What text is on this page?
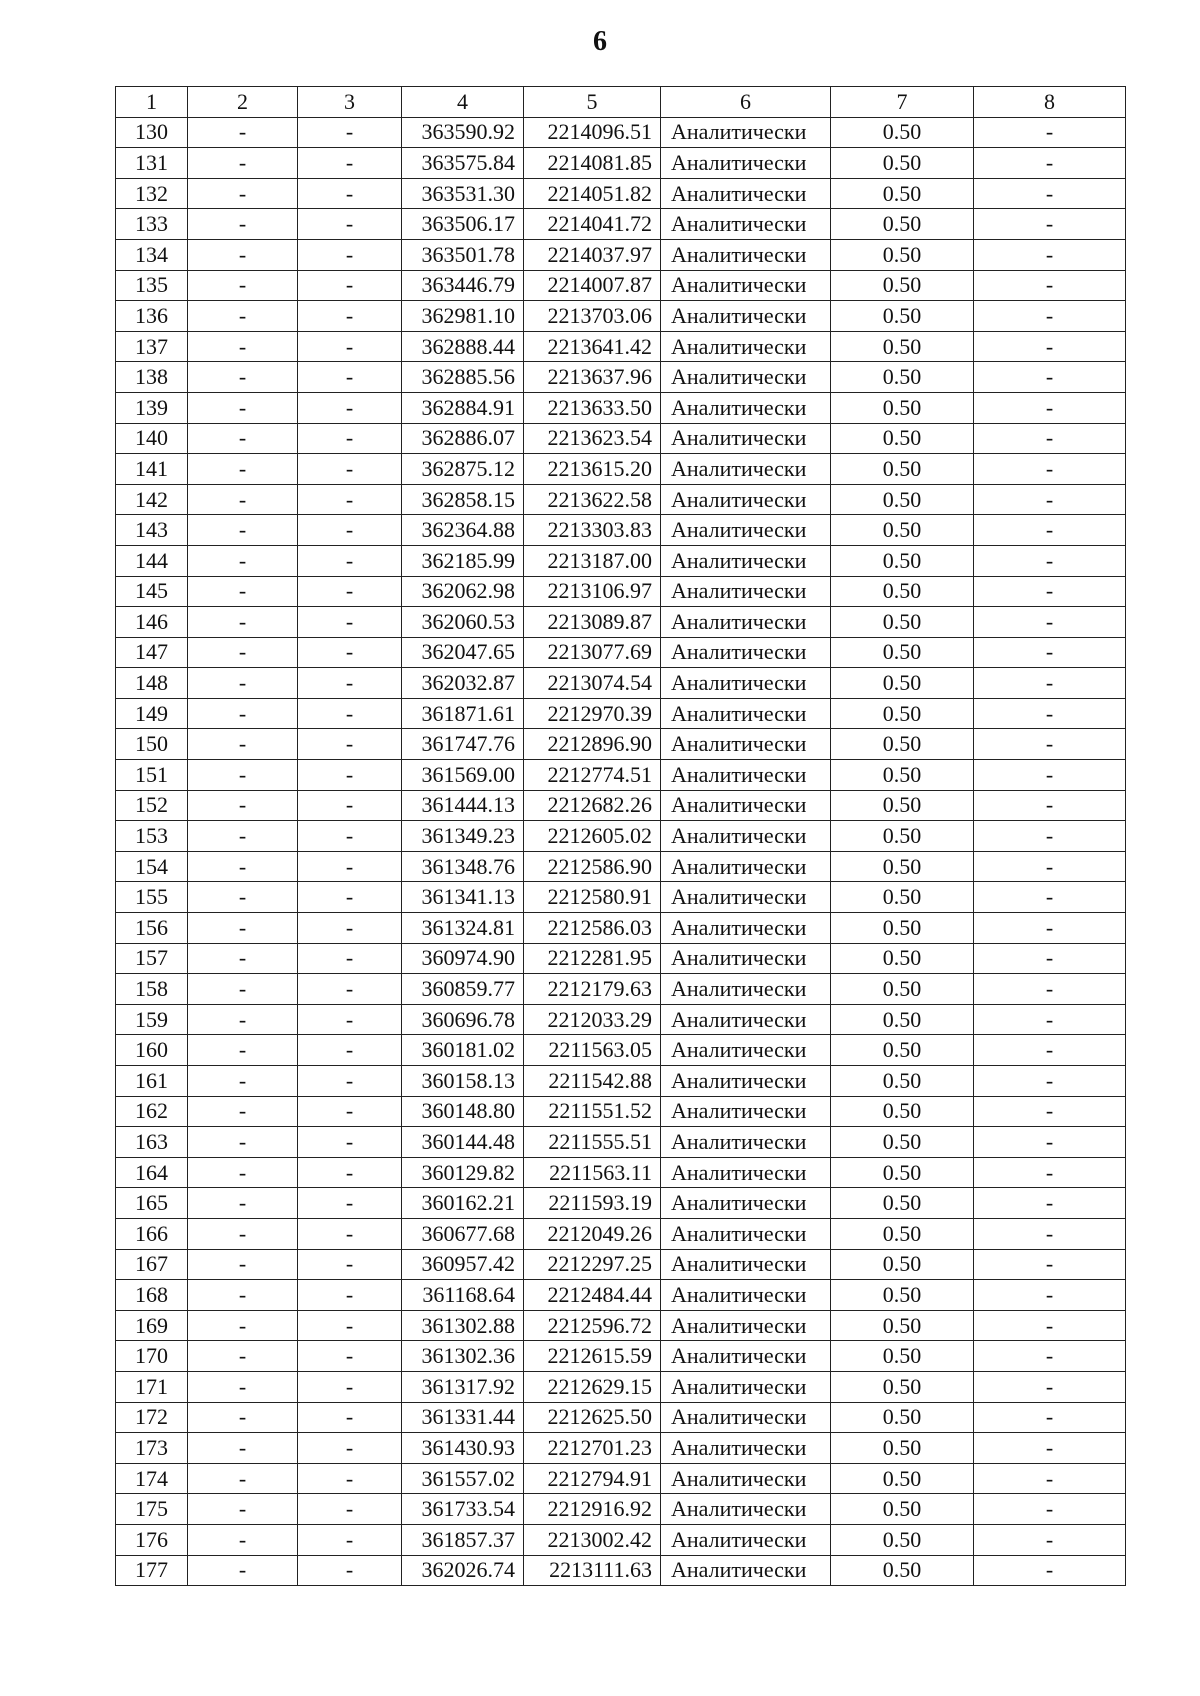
6
1	2	3	4	5	6	7	8
130	-	-	363590.92	2214096.51	Аналитически	0.50	-
131	-	-	363575.84	2214081.85	Аналитически	0.50	-
132	-	-	363531.30	2214051.82	Аналитически	0.50	-
133	-	-	363506.17	2214041.72	Аналитически	0.50	-
134	-	-	363501.78	2214037.97	Аналитически	0.50	-
135	-	-	363446.79	2214007.87	Аналитически	0.50	-
136	-	-	362981.10	2213703.06	Аналитически	0.50	-
137	-	-	362888.44	2213641.42	Аналитически	0.50	-
138	-	-	362885.56	2213637.96	Аналитически	0.50	-
139	-	-	362884.91	2213633.50	Аналитически	0.50	-
140	-	-	362886.07	2213623.54	Аналитически	0.50	-
141	-	-	362875.12	2213615.20	Аналитически	0.50	-
142	-	-	362858.15	2213622.58	Аналитически	0.50	-
143	-	-	362364.88	2213303.83	Аналитически	0.50	-
144	-	-	362185.99	2213187.00	Аналитически	0.50	-
145	-	-	362062.98	2213106.97	Аналитически	0.50	-
146	-	-	362060.53	2213089.87	Аналитически	0.50	-
147	-	-	362047.65	2213077.69	Аналитически	0.50	-
148	-	-	362032.87	2213074.54	Аналитически	0.50	-
149	-	-	361871.61	2212970.39	Аналитически	0.50	-
150	-	-	361747.76	2212896.90	Аналитически	0.50	-
151	-	-	361569.00	2212774.51	Аналитически	0.50	-
152	-	-	361444.13	2212682.26	Аналитически	0.50	-
153	-	-	361349.23	2212605.02	Аналитически	0.50	-
154	-	-	361348.76	2212586.90	Аналитически	0.50	-
155	-	-	361341.13	2212580.91	Аналитически	0.50	-
156	-	-	361324.81	2212586.03	Аналитически	0.50	-
157	-	-	360974.90	2212281.95	Аналитически	0.50	-
158	-	-	360859.77	2212179.63	Аналитически	0.50	-
159	-	-	360696.78	2212033.29	Аналитически	0.50	-
160	-	-	360181.02	2211563.05	Аналитически	0.50	-
161	-	-	360158.13	2211542.88	Аналитически	0.50	-
162	-	-	360148.80	2211551.52	Аналитически	0.50	-
163	-	-	360144.48	2211555.51	Аналитически	0.50	-
164	-	-	360129.82	2211563.11	Аналитически	0.50	-
165	-	-	360162.21	2211593.19	Аналитически	0.50	-
166	-	-	360677.68	2212049.26	Аналитически	0.50	-
167	-	-	360957.42	2212297.25	Аналитически	0.50	-
168	-	-	361168.64	2212484.44	Аналитически	0.50	-
169	-	-	361302.88	2212596.72	Аналитически	0.50	-
170	-	-	361302.36	2212615.59	Аналитически	0.50	-
171	-	-	361317.92	2212629.15	Аналитически	0.50	-
172	-	-	361331.44	2212625.50	Аналитически	0.50	-
173	-	-	361430.93	2212701.23	Аналитически	0.50	-
174	-	-	361557.02	2212794.91	Аналитически	0.50	-
175	-	-	361733.54	2212916.92	Аналитически	0.50	-
176	-	-	361857.37	2213002.42	Аналитически	0.50	-
177	-	-	362026.74	2213111.63	Аналитически	0.50	-
